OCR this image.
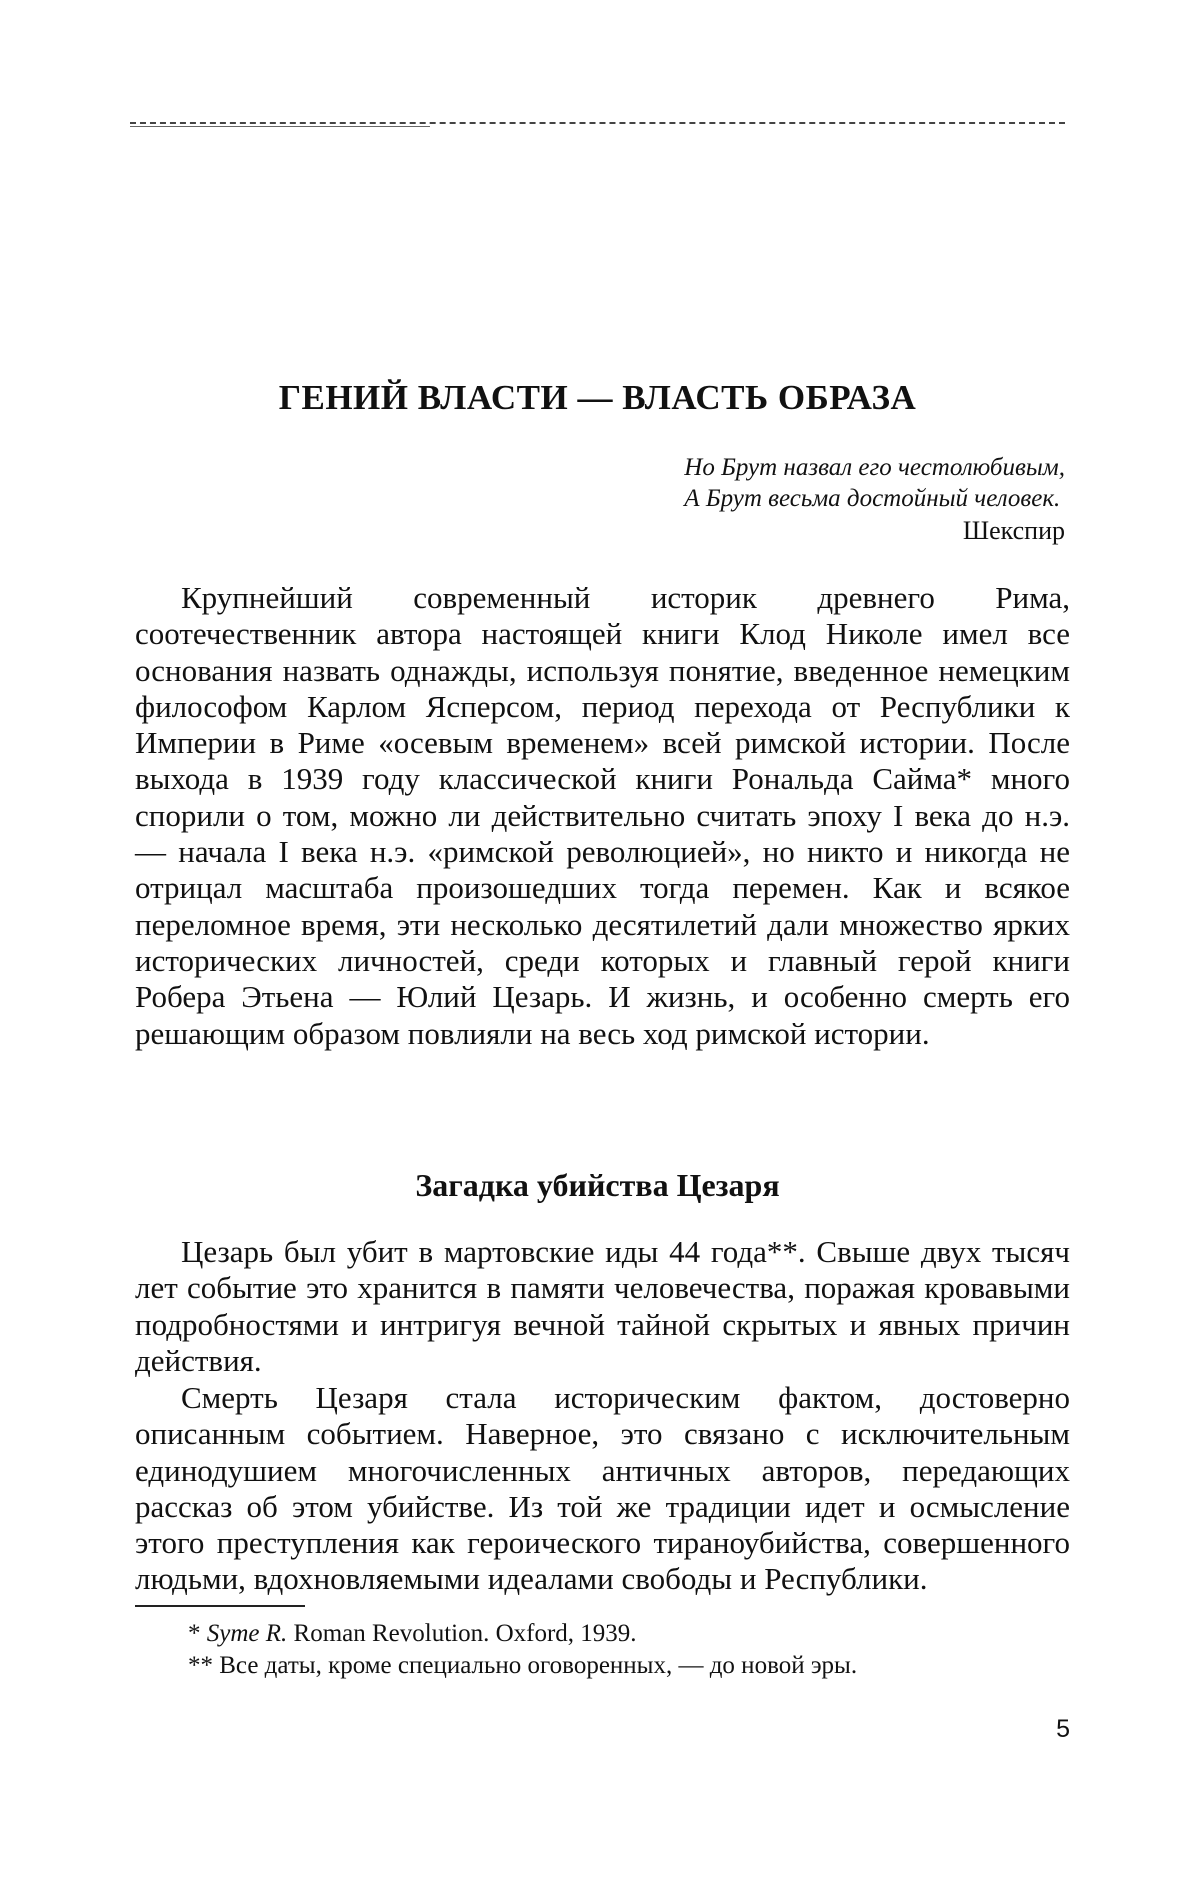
ГЕНИЙ ВЛАСТИ — ВЛАСТЬ ОБРАЗА
Но Брут назвал его честолюбивым,
А Брут весьма достойный человек.
Шекспир

Крупнейший современный историк древнего Рима, соотечественник автора настоящей книги Клод Николе имел все основания назвать однажды, используя понятие, введенное немецким философом Карлом Ясперсом, период перехода от Республики к Империи в Риме «осевым временем» всей римской истории. После выхода в 1939 году классической книги Рональда Сайма* много спорили о том, можно ли действительно считать эпоху I века до н.э. — начала I века н.э. «римской революцией», но никто и никогда не отрицал масштаба произошедших тогда перемен. Как и всякое переломное время, эти несколько десятилетий дали множество ярких исторических личностей, среди которых и главный герой книги Робера Этьена — Юлий Цезарь. И жизнь, и особенно смерть его решающим образом повлияли на весь ход римской истории.

Загадка убийства Цезаря

Цезарь был убит в мартовские иды 44 года**. Свыше двух тысяч лет событие это хранится в памяти человечества, поражая кровавыми подробностями и интригуя вечной тайной скрытых и явных причин действия.

Смерть Цезаря стала историческим фактом, достоверно описанным событием. Наверное, это связано с исключительным единодушием многочисленных античных авторов, передающих рассказ об этом убийстве. Из той же традиции идет и осмысление этого преступления как героического тираноубийства, совершенного людьми, вдохновляемыми идеалами свободы и Республики.

* Syme R. Roman Revolution. Oxford, 1939.
** Все даты, кроме специально оговоренных, — до новой эры.
5
